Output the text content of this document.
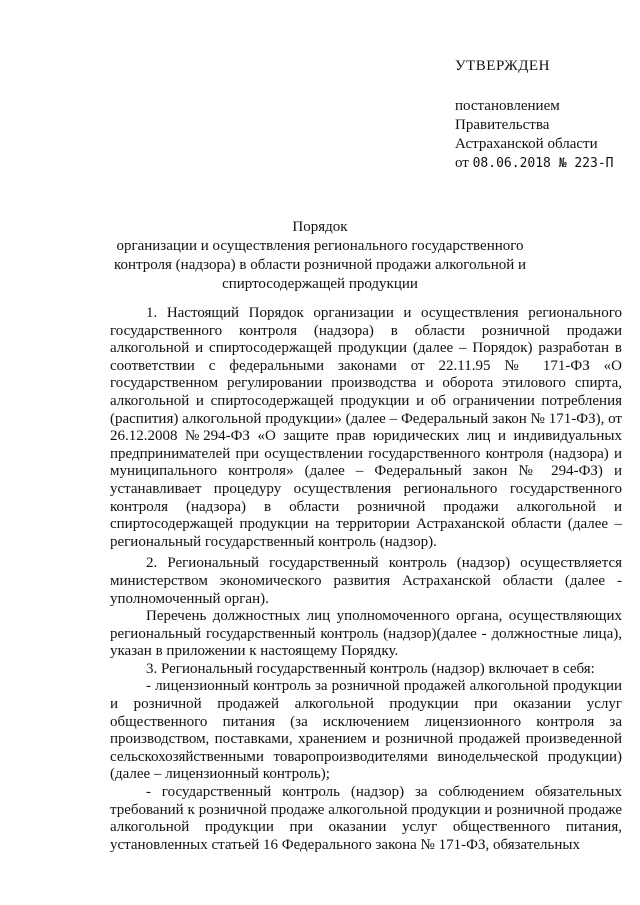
УТВЕРЖДЕН
постановлением
Правительства
Астраханской области
от 08.06.2018 № 223-П
Порядок
организации и осуществления регионального государственного контроля (надзора) в области розничной продажи алкогольной и спиртосодержащей продукции

1. Настоящий Порядок организации и осуществления регионального государственного контроля (надзора) в области розничной продажи алкогольной и спиртосодержащей продукции (далее – Порядок) разработан в соответствии с федеральными законами от 22.11.95 № 171-ФЗ «О государственном регулировании производства и оборота этилового спирта, алкогольной и спиртосодержащей продукции и об ограничении потребления (распития) алкогольной продукции» (далее – Федеральный закон № 171-ФЗ), от 26.12.2008 №294-ФЗ «О защите прав юридических лиц и индивидуальных предпринимателей при осуществлении государственного контроля (надзора) и муниципального контроля» (далее – Федеральный закон № 294-ФЗ) и устанавливает процедуру осуществления регионального государственного контроля (надзора) в области розничной продажи алкогольной и спиртосодержащей продукции на территории Астраханской области (далее – региональный государственный контроль (надзор).

2. Региональный государственный контроль (надзор) осуществляется министерством экономического развития Астраханской области (далее - уполномоченный орган).

Перечень должностных лиц уполномоченного органа, осуществляющих региональный государственный контроль (надзор)(далее - должностные лица), указан в приложении к настоящему Порядку.

3. Региональный государственный контроль (надзор) включает в себя:

- лицензионный контроль за розничной продажей алкогольной продукции и розничной продажей алкогольной продукции при оказании услуг общественного питания (за исключением лицензионного контроля за производством, поставками, хранением и розничной продажей произведенной сельскохозяйственными товаропроизводителями винодельческой продукции) (далее – лицензионный контроль);

- государственный контроль (надзор) за соблюдением обязательных требований к розничной продаже алкогольной продукции и розничной продаже алкогольной продукции при оказании услуг общественного питания, установленных статьей 16 Федерального закона № 171-ФЗ, обязательных
